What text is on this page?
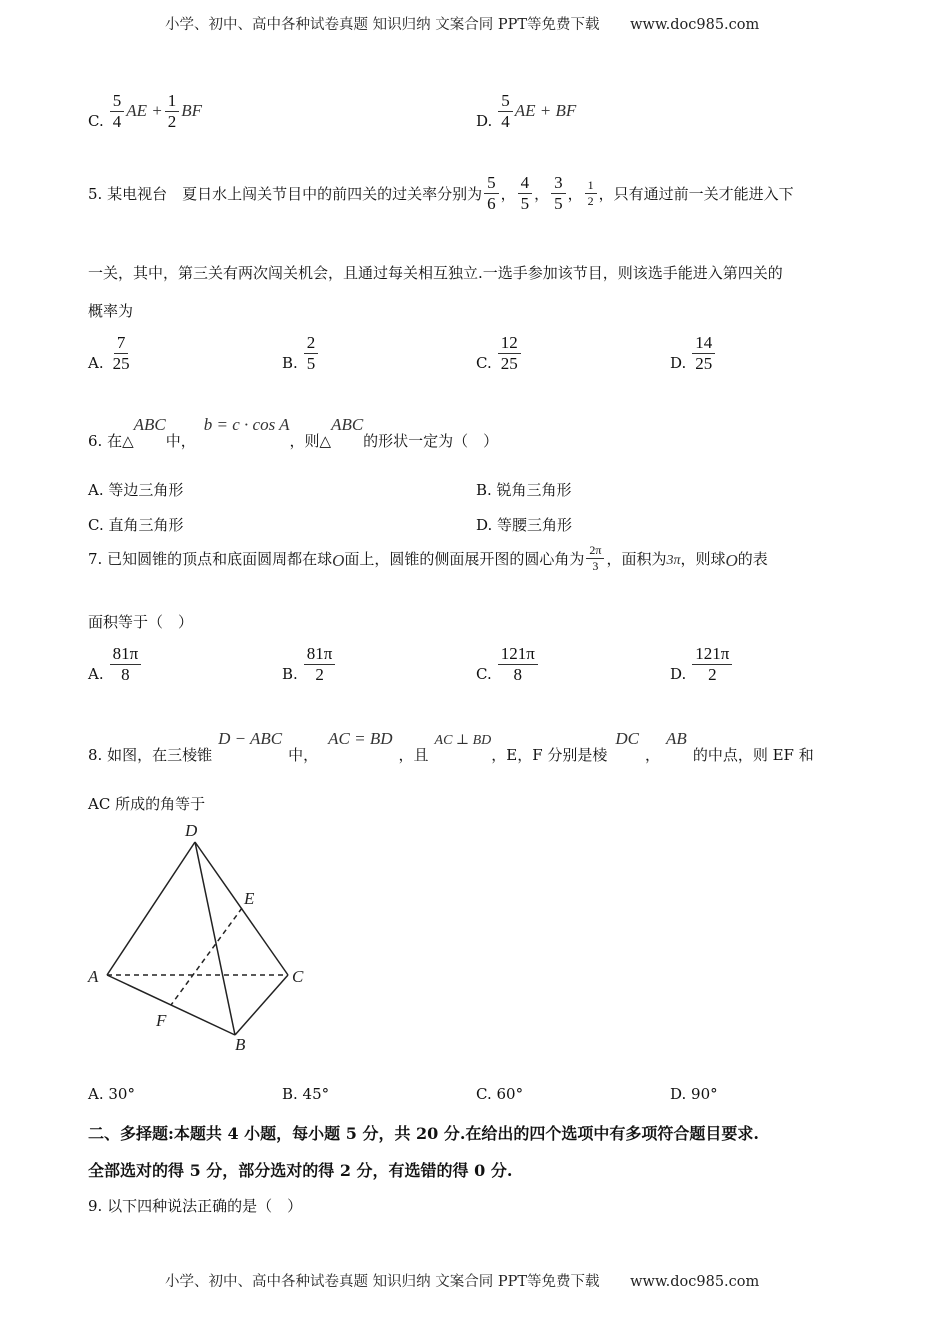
小学、初中、高中各种试卷真题 知识归纳 文案合同 PPT等免费下载 www.doc985.com
C. $\frac{5}{4}$ AE + $\frac{1}{2}$ BF
D. $\frac{5}{4}$ AE + BF
5. 某电视台　夏日水上闯关节目中的前四关的过关率分别为 $\frac{5}{6}$ ， $\frac{4}{5}$ ， $\frac{3}{5}$ ， $\frac{1}{2}$ ，只有通过前一关才能进入下
一关，其中，第三关有两次闯关机会，且通过每关相互独立.一选手参加该节目，则该选手能进入第四关的
概率为
A. $\frac{7}{25}$	B. $\frac{2}{5}$	C. $\frac{12}{25}$	D. $\frac{14}{25}$
6. 在△ABC中，b = c · cos A，则△ABC的形状一定为（　）
A. 等边三角形	B. 锐角三角形
C. 直角三角形	D. 等腰三角形
7. 已知圆锥的顶点和底面圆周都在球 O 面上，圆锥的侧面展开图的圆心角为 $\frac{2\pi}{3}$ ，面积为 3π ，则球 O 的表
面积等于（　）
A. $\frac{81\pi}{8}$	B. $\frac{81\pi}{2}$	C. $\frac{121\pi}{8}$	D. $\frac{121\pi}{2}$
8. 如图，在三棱锥D − ABC中，AC = BD，且AC ⊥ BD，E，F 分别是棱DC，AB的中点，则 EF 和
AC 所成的角等于
D
E
A	C
F
B
A. 30°	B. 45°	C. 60°	D. 90°
二、多择题:本题共 4 小题，每小题 5 分，共 20 分.在给出的四个选项中有多项符合题目要求.
全部选对的得 5 分，部分选对的得 2 分，有选错的得 0 分.
9. 以下四种说法正确的是（　）
小学、初中、高中各种试卷真题 知识归纳 文案合同 PPT等免费下载 www.doc985.com
